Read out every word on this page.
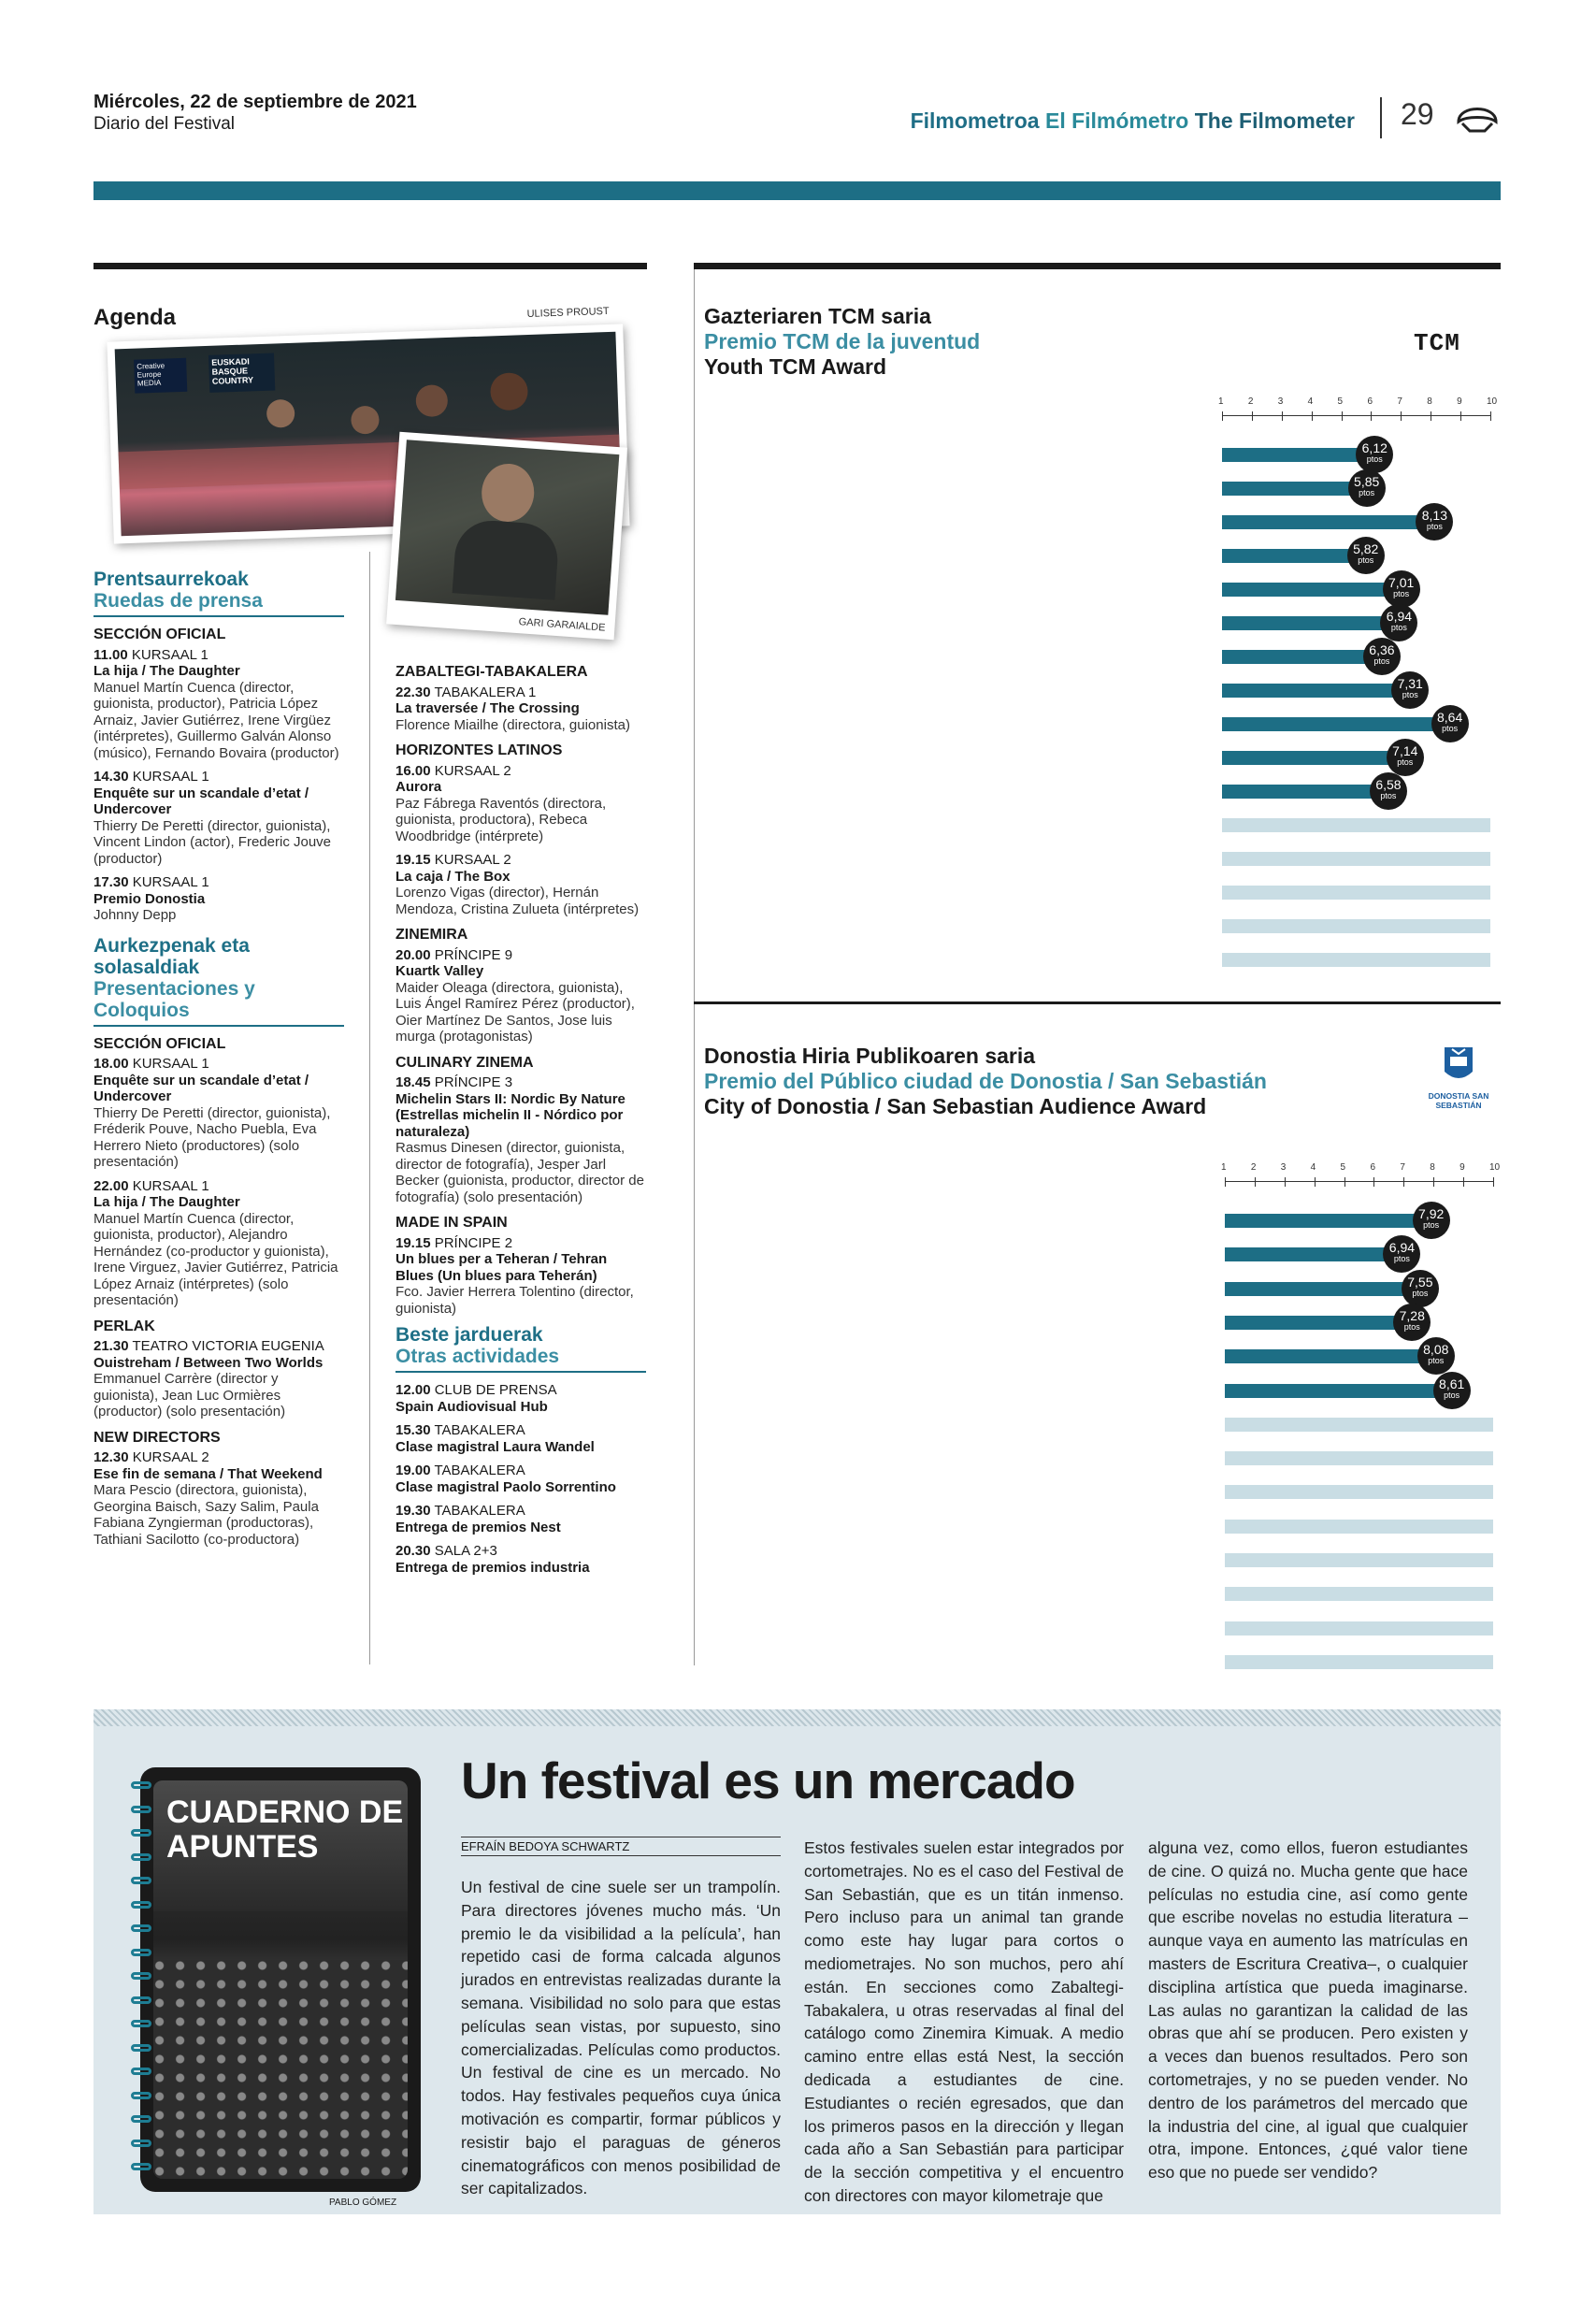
Miércoles, 22 de septiembre de 2021
Diario del Festival	Filmometroa El Filmómetro The Filmometer 29
Agenda
Creative Europe MEDIA
EUSKADI BASQUE COUNTRY
ULISES PROUST
GARI GARAIALDE
Prentsaurrekoak
Ruedas de prensa
SECCIÓN OFICIAL
11.00 KURSAAL 1
La hija / The Daughter
Manuel Martín Cuenca (director, guionista, productor), Patricia López Arnaiz, Javier Gutiérrez, Irene Virgüez (intérpretes), Guillermo Galván Alonso (músico), Fernando Bovaira (productor)
14.30 KURSAAL 1
Enquête sur un scandale d’etat / Undercover
Thierry De Peretti (director, guionista), Vincent Lindon (actor), Frederic Jouve (productor)
17.30 KURSAAL 1
Premio Donostia
Johnny Depp
Aurkezpenak eta solasaldiak
Presentaciones y Coloquios
SECCIÓN OFICIAL
18.00 KURSAAL 1
Enquête sur un scandale d’etat / Undercover
Thierry De Peretti (director, guionista), Fréderik Pouve, Nacho Puebla, Eva Herrero Nieto (productores) (solo presentación)
22.00 KURSAAL 1
La hija / The Daughter
Manuel Martín Cuenca (director, guionista, productor), Alejandro Hernández (co-productor y guionista), Irene Virguez, Javier Gutiérrez, Patricia López Arnaiz (intérpretes) (solo presentación)
PERLAK
21.30 TEATRO VICTORIA EUGENIA
Ouistreham / Between Two Worlds
Emmanuel Carrère (director y guionista), Jean Luc Ormières (productor) (solo presentación)
NEW DIRECTORS
12.30 KURSAAL 2
Ese fin de semana / That Weekend
Mara Pescio (directora, guionista), Georgina Baisch, Sazy Salim, Paula Fabiana Zyngierman (productoras), Tathiani Sacilotto (co-productora)
ZABALTEGI-TABAKALERA
22.30 TABAKALERA 1
La traversée / The Crossing
Florence Miailhe (directora, guionista)
HORIZONTES LATINOS
16.00 KURSAAL 2
Aurora
Paz Fábrega Raventós (directora, guionista, productora), Rebeca Woodbridge (intérprete)
19.15 KURSAAL 2
La caja / The Box
Lorenzo Vigas (director), Hernán Mendoza, Cristina Zulueta (intérpretes)
ZINEMIRA
20.00 PRÍNCIPE 9
Kuartk Valley
Maider Oleaga (directora, guionista), Luis Ángel Ramírez Pérez (productor), Oier Martínez De Santos, Jose luis murga (protagonistas)
CULINARY ZINEMA
18.45 PRÍNCIPE 3
Michelin Stars II: Nordic By Nature (Estrellas michelin II - Nórdico por naturaleza)
Rasmus Dinesen (director, guionista, director de fotografía), Jesper Jarl Becker (guionista, productor, director de fotografía) (solo presentación)
MADE IN SPAIN
19.15 PRÍNCIPE 2
Un blues per a Teheran / Tehran Blues (Un blues para Teherán)
Fco. Javier Herrera Tolentino (director, guionista)
Beste jarduerak
Otras actividades
12.00 CLUB DE PRENSA
Spain Audiovisual Hub
15.30 TABAKALERA
Clase magistral Laura Wandel
19.00 TABAKALERA
Clase magistral Paolo Sorrentino
19.30 TABAKALERA
Entrega de premios Nest
20.30 SALA 2+3
Entrega de premios industria
Gazteriaren TCM saria
Premio TCM de la juventud
Youth TCM Award
TCM
1	2	3	4	5	6	7	8	9	10
6,12
ptos
5,85
ptos
8,13
ptos
5,82
ptos
7,01
ptos
6,94
ptos
6,36
ptos
7,31
ptos
8,64
ptos
7,14
ptos
6,58
ptos
Donostia Hiria Publikoaren saria
Premio del Público ciudad de Donostia / San Sebastián
City of Donostia / San Sebastian Audience Award	DONOSTIA SAN SEBASTIÁN
1	2	3	4	5	6	7	8	9	10
7,92
ptos
6,94
ptos
7,55
ptos
7,28
ptos
8,08
ptos
8,61
ptos
CUADERNO DE APUNTES
PABLO GÓMEZ
Un festival es un mercado
EFRAÍN BEDOYA SCHWARTZ
Un festival de cine suele ser un trampolín. Para directores jóvenes mucho más. ‘Un premio le da visibilidad a la película’, han repetido casi de forma calcada algunos jurados en entrevistas realizadas durante la semana. Visibilidad no solo para que estas películas sean vistas, por supuesto, sino comercializadas. Películas como productos. Un festival de cine es un mercado. No todos. Hay festivales pequeños cuya única motivación es compartir, formar públicos y resistir bajo el paraguas de géneros cinematográficos con menos posibilidad de ser capitalizados.
Estos festivales suelen estar integrados por cortometrajes. No es el caso del Festival de San Sebastián, que es un titán inmenso. Pero incluso para un animal tan grande como este hay lugar para cortos o mediometrajes. No son muchos, pero ahí están. En secciones como Zabaltegi-Tabakalera, u otras reservadas al final del catálogo como Zinemira Kimuak. A medio camino entre ellas está Nest, la sección dedicada a estudiantes de cine. Estudiantes o recién egresados, que dan los primeros pasos en la dirección y llegan cada año a San Sebastián para participar de la sección competitiva y el encuentro con directores con mayor kilometraje que
alguna vez, como ellos, fueron estudiantes de cine. O quizá no. Mucha gente que hace películas no estudia cine, así como gente que escribe novelas no estudia literatura –aunque vaya en aumento las matrículas en masters de Escritura Creativa–, o cualquier disciplina artística que pueda imaginarse. Las aulas no garantizan la calidad de las obras que ahí se producen. Pero existen y a veces dan buenos resultados. Pero son cortometrajes, y no se pueden vender. No dentro de los parámetros del mercado que la industria del cine, al igual que cualquier otra, impone. Entonces, ¿qué valor tiene eso que no puede ser vendido?
